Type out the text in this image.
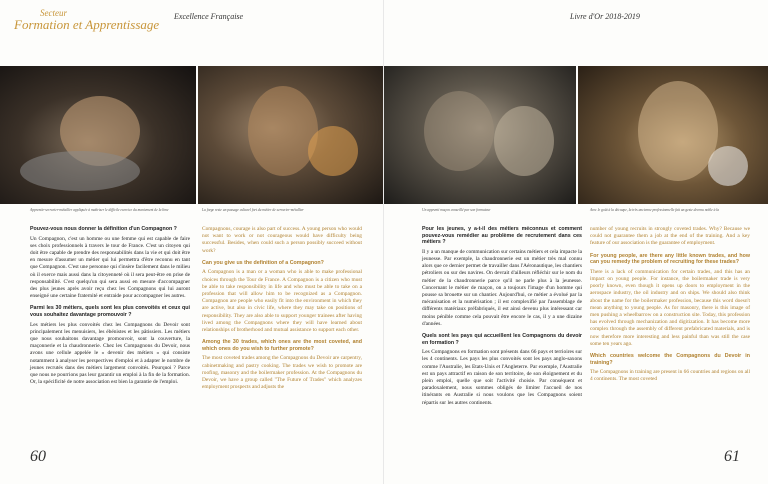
Secteur
Formation et Apprentissage
Excellence Française
Apprentie-serrurier-métallier appliquée à maîtriser le difficile exercice du maniement de la lime	La forge reste un passage culturel fort du métier de serrurier-métallier
Pouvez-vous nous donner la définition d'un Compagnon ?

Un Compagnon, c'est un homme ou une femme qui est capable de faire ses choix professionnels à travers le tour de France. C'est un citoyen qui doit être capable de prendre des responsabilités dans la vie et qui doit être en mesure d'assumer un métier qui lui permettra d'être reconnu en tant que Compagnon. C'est une personne qui s'insère facilement dans le milieu où il exerce mais aussi dans la citoyenneté où il sera peut-être en prise de responsabilité. C'est quelqu'un qui sera aussi en mesure d'accompagner des plus jeunes après avoir reçu chez les Compagnons qui lui auront enseigné une certaine fraternité et entraide pour accompagner les autres.

Parmi les 30 métiers, quels sont les plus convoités et ceux qui vous souhaitez davantage promouvoir ?

Les métiers les plus convoités chez les Compagnons du Devoir sont principalement les menuisiers, les ébénistes et les pâtissiers. Les métiers que nous souhaitons davantage promouvoir, sont la couverture, la maçonnerie et la chaudronnerie. Chez les Compagnons du Devoir, nous avons une cellule appelée le « devenir des métiers » qui consiste notamment à analyser les perspectives d'emploi et à adapter le nombre de jeunes recrutés dans des métiers largement convoités. Pourquoi ? Parce que nous ne pourrions pas leur garantir un emploi à la fin de la formation. Or, la spécificité de notre association est bien la garantie de l'emploi.

Compagnons, courage is also part of success. A young person who would not want to work or not courageous would have difficulty being successful. Besides, when could such a person possibly succeed without work?

Can you give us the definition of a Compagnon?

A Compagnon is a man or a woman who is able to make professional choices through the Tour de France. A Compagnon is a citizen who must be able to take responsibility in life and who must be able to take on a profession that will allow him to be recognized as a Compagnon. Compagnon are people who easily fit into the environment in which they are active, but also in civic life, where they may take on positions of responsibility. They are also able to support younger trainees after having lived among the Compagnons where they will have learned about relationships of brotherhood and mutual assistance to support each other.

Among the 30 trades, which ones are the most coveted, and which ones do you wish to further promote?

The most coveted trades among the Compagnons du Devoir are carpentry, cabinetmaking and pastry cooking. The trades we wish to promote are roofing, masonry and the boilermaker profession. At the Compagnons du Devoir, we have a group called "The Future of Trades" which analyzes employment prospects and adjusts the

60
Livre d'Or 2018-2019
Un apprenti maçon conseillé par son formateur	Avec le goût à la découpe, la très ancienne professionnelle fait un geste devenu noble à la
Pour les jeunes, y a-t-il des métiers méconnus et comment pouvez-vous remédier au problème de recrutement dans ces métiers ?

Il y a un manque de communication sur certains métiers et cela impacte la jeunesse. Par exemple, la chaudronnerie est un métier très mal connu alors que ce dernier permet de travailler dans l'Aéronautique, les chantiers pétroliers ou sur des navires. On devrait d'ailleurs réfléchir sur le nom du métier de la chaudronnerie parce qu'il ne parle plus à la jeunesse. Concernant le métier de maçon, on a toujours l'image d'un homme qui pousse sa brouette sur un chantier. Aujourd'hui, ce métier a évolué par la mécanisation et la numérisation ; il est complexifié par l'assemblage de différents matériaux préfabriqués, il est ainsi devenu plus intéressant car moins pénible comme cela pouvait être encore le cas, il y a une dizaine d'années.

Quels sont les pays qui accueillent les Compagnons du devoir en formation ?

Les Compagnons en formation sont présents dans 66 pays et terrioires sur les 4 continents. Les pays les plus convoités sont les pays anglo-saxons comme l'Australie, les Etats-Unis et l'Angleterre. Par exemple, l'Australie est un pays attractif en raison de son territoire, de son éloignement et du plein emploi, quelle que soit l'activité choisie. Par conséquent et paradoxalement, nous sommes obligés de limiter l'accueil de nos itinérants en Australie si nous voulons que les Compagnons soient répartis sur les autres continents.

number of young recruits in strongly coveted trades. Why? Because we could not guarantee them a job at the end of the training. And a key feature of our association is the guarantee of employment.

For young people, are there any little known trades, and how can you remedy the problem of recruiting for these trades?

There is a lack of communication for certain trades, and this has an impact on young people. For instance, the boilermaker trade is very poorly known, even though it opens up doors to employment in the aerospace industry, the oil industry and on ships. We should also think about the name for the boilermaker profession, because this word doesn't mean anything to young people. As for masonry, there is this image of men pushing a wheelbarrow on a construction site. Today, this profession has evolved through mechanization and digitization. It has become more complex through the assembly of different prefabricated materials, and is now therefore more interesting and less painful than was still the case some ten years ago.

Which countries welcome the Compagnons du Devoir in training?

The Compagnons in training are present in 66 countries and regions on all 4 continents. The most coveted

61
